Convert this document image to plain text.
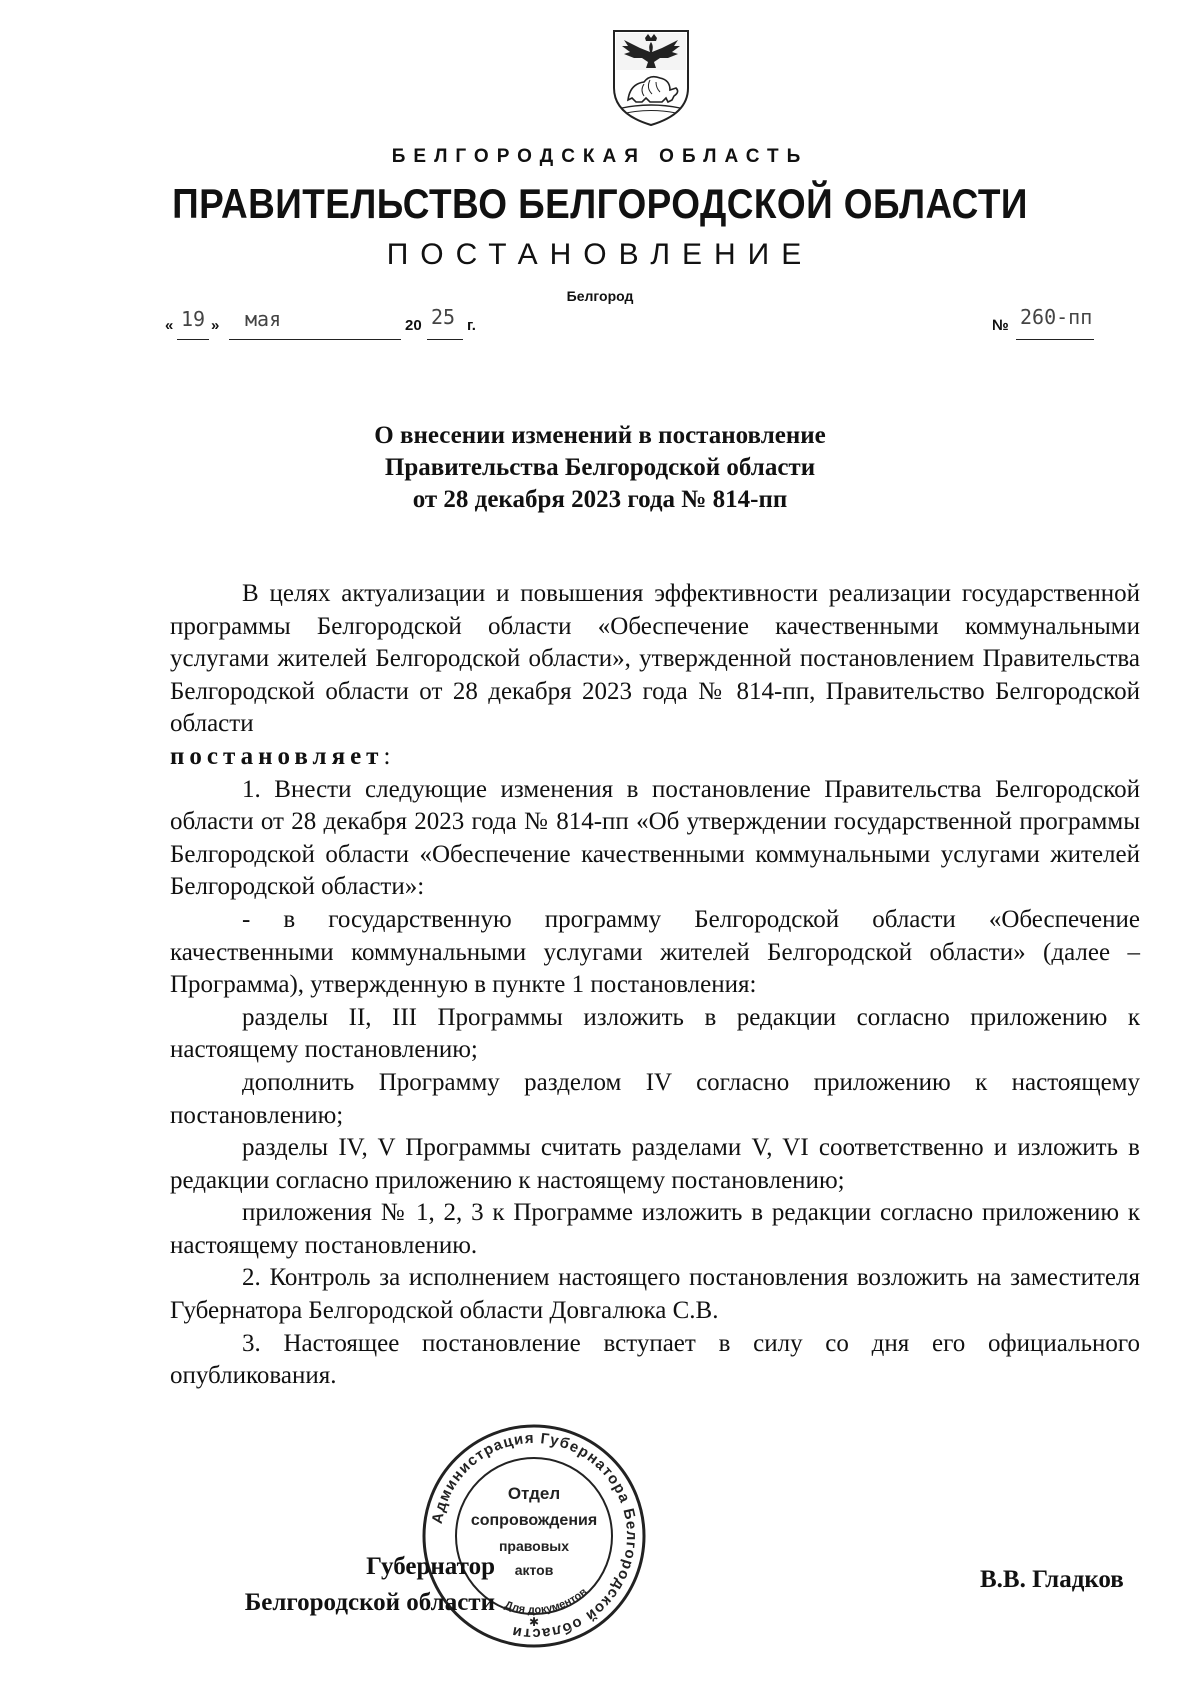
БЕЛГОРОДСКАЯ ОБЛАСТЬ
ПРАВИТЕЛЬСТВО БЕЛГОРОДСКОЙ ОБЛАСТИ
ПОСТАНОВЛЕНИЕ
Белгород
« 19 » мая	20 25 г.	№ 260-пп
О внесении изменений в постановление
Правительства Белгородской области
от 28 декабря 2023 года № 814-пп

В целях актуализации и повышения эффективности реализации государственной программы Белгородской области «Обеспечение качественными коммунальными услугами жителей Белгородской области», утвержденной постановлением Правительства Белгородской области от 28 декабря 2023 года № 814-пп, Правительство Белгородской области
постановляет:

1. Внести следующие изменения в постановление Правительства Белгородской области от 28 декабря 2023 года № 814-пп «Об утверждении государственной программы Белгородской области «Обеспечение качественными коммунальными услугами жителей Белгородской области»:

- в государственную программу Белгородской области «Обеспечение качественными коммунальными услугами жителей Белгородской области» (далее – Программа), утвержденную в пункте 1 постановления:

разделы II, III Программы изложить в редакции согласно приложению к настоящему постановлению;

дополнить Программу разделом IV согласно приложению к настоящему постановлению;

разделы IV, V Программы считать разделами V, VI соответственно и изложить в редакции согласно приложению к настоящему постановлению;

приложения № 1, 2, 3 к Программе изложить в редакции согласно приложению к настоящему постановлению.

2. Контроль за исполнением настоящего постановления возложить на заместителя Губернатора Белгородской области Довгалюка С.В.

3. Настоящее постановление вступает в силу со дня его официального опубликования.

Администрация Губернатора Белгородской области
Для документов
✱
Отдел
сопровождения
правовых
актов
Губернатор
Белгородской области
В.В. Гладков
